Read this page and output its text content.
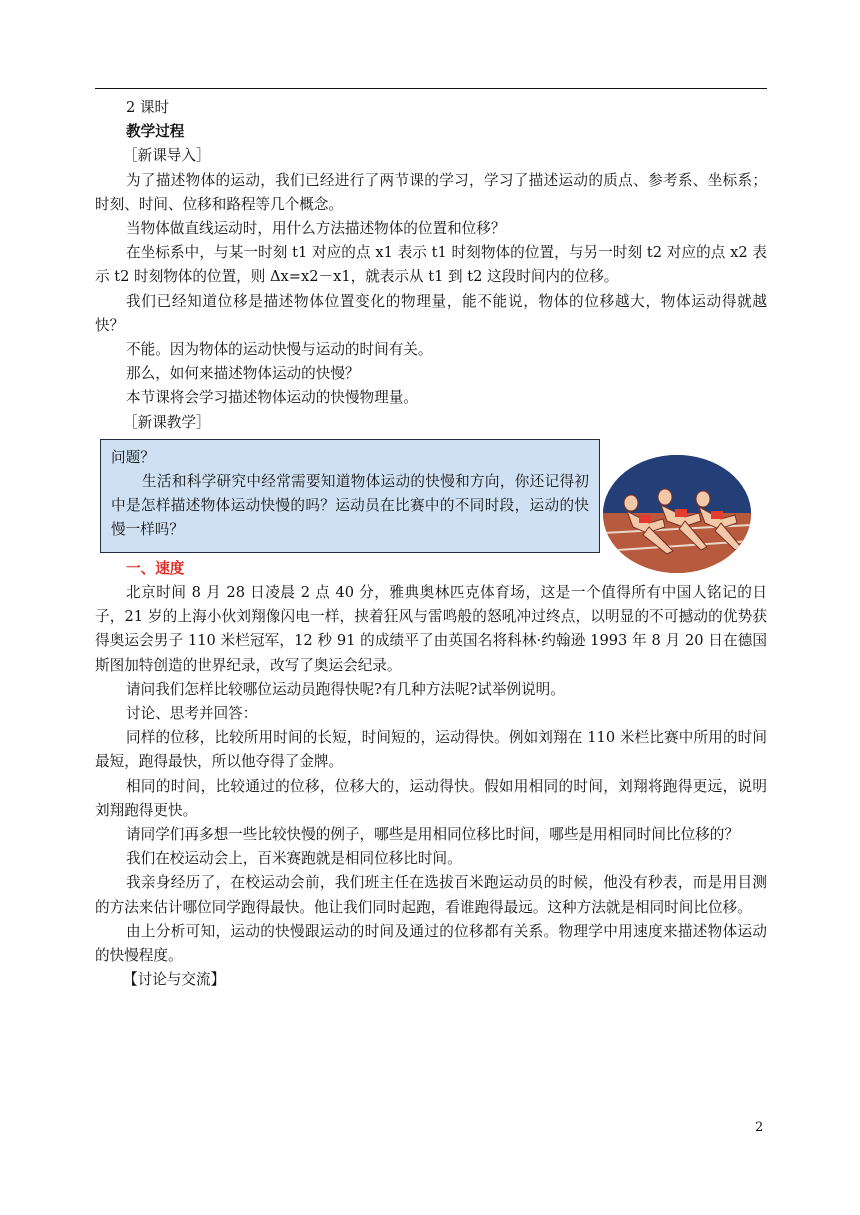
2 课时

教学过程

［新课导入］

为了描述物体的运动，我们已经进行了两节课的学习，学习了描述运动的质点、参考系、坐标系；时刻、时间、位移和路程等几个概念。

当物体做直线运动时，用什么方法描述物体的位置和位移？

在坐标系中，与某一时刻 t1 对应的点 x1 表示 t1 时刻物体的位置，与另一时刻 t2 对应的点 x2 表示 t2 时刻物体的位置，则 Δx=x2－x1，就表示从 t1 到 t2 这段时间内的位移。

我们已经知道位移是描述物体位置变化的物理量，能不能说，物体的位移越大，物体运动得就越快？

不能。因为物体的运动快慢与运动的时间有关。

那么，如何来描述物体运动的快慢？

本节课将会学习描述物体运动的快慢物理量。

［新课教学］

问题？

生活和科学研究中经常需要知道物体运动的快慢和方向，你还记得初中是怎样描述物体运动快慢的吗？运动员在比赛中的不同时段，运动的快慢一样吗？

一、速度

北京时间 8 月 28 日凌晨 2 点 40 分，雅典奥林匹克体育场，这是一个值得所有中国人铭记的日子，21 岁的上海小伙刘翔像闪电一样，挟着狂风与雷鸣般的怒吼冲过终点，以明显的不可撼动的优势获得奥运会男子 110 米栏冠军，12 秒 91 的成绩平了由英国名将科林·约翰逊 1993 年 8 月 20 日在德国斯图加特创造的世界纪录，改写了奥运会纪录。

请问我们怎样比较哪位运动员跑得快呢?有几种方法呢?试举例说明。

讨论、思考并回答：

同样的位移，比较所用时间的长短，时间短的，运动得快。例如刘翔在 110 米栏比赛中所用的时间最短，跑得最快，所以他夺得了金牌。

相同的时间，比较通过的位移，位移大的，运动得快。假如用相同的时间，刘翔将跑得更远，说明刘翔跑得更快。

请同学们再多想一些比较快慢的例子，哪些是用相同位移比时间，哪些是用相同时间比位移的？

我们在校运动会上，百米赛跑就是相同位移比时间。

我亲身经历了，在校运动会前，我们班主任在选拔百米跑运动员的时候，他没有秒表，而是用目测的方法来估计哪位同学跑得最快。他让我们同时起跑，看谁跑得最远。这种方法就是相同时间比位移。

由上分析可知，运动的快慢跟运动的时间及通过的位移都有关系。物理学中用速度来描述物体运动的快慢程度。

【讨论与交流】

2
